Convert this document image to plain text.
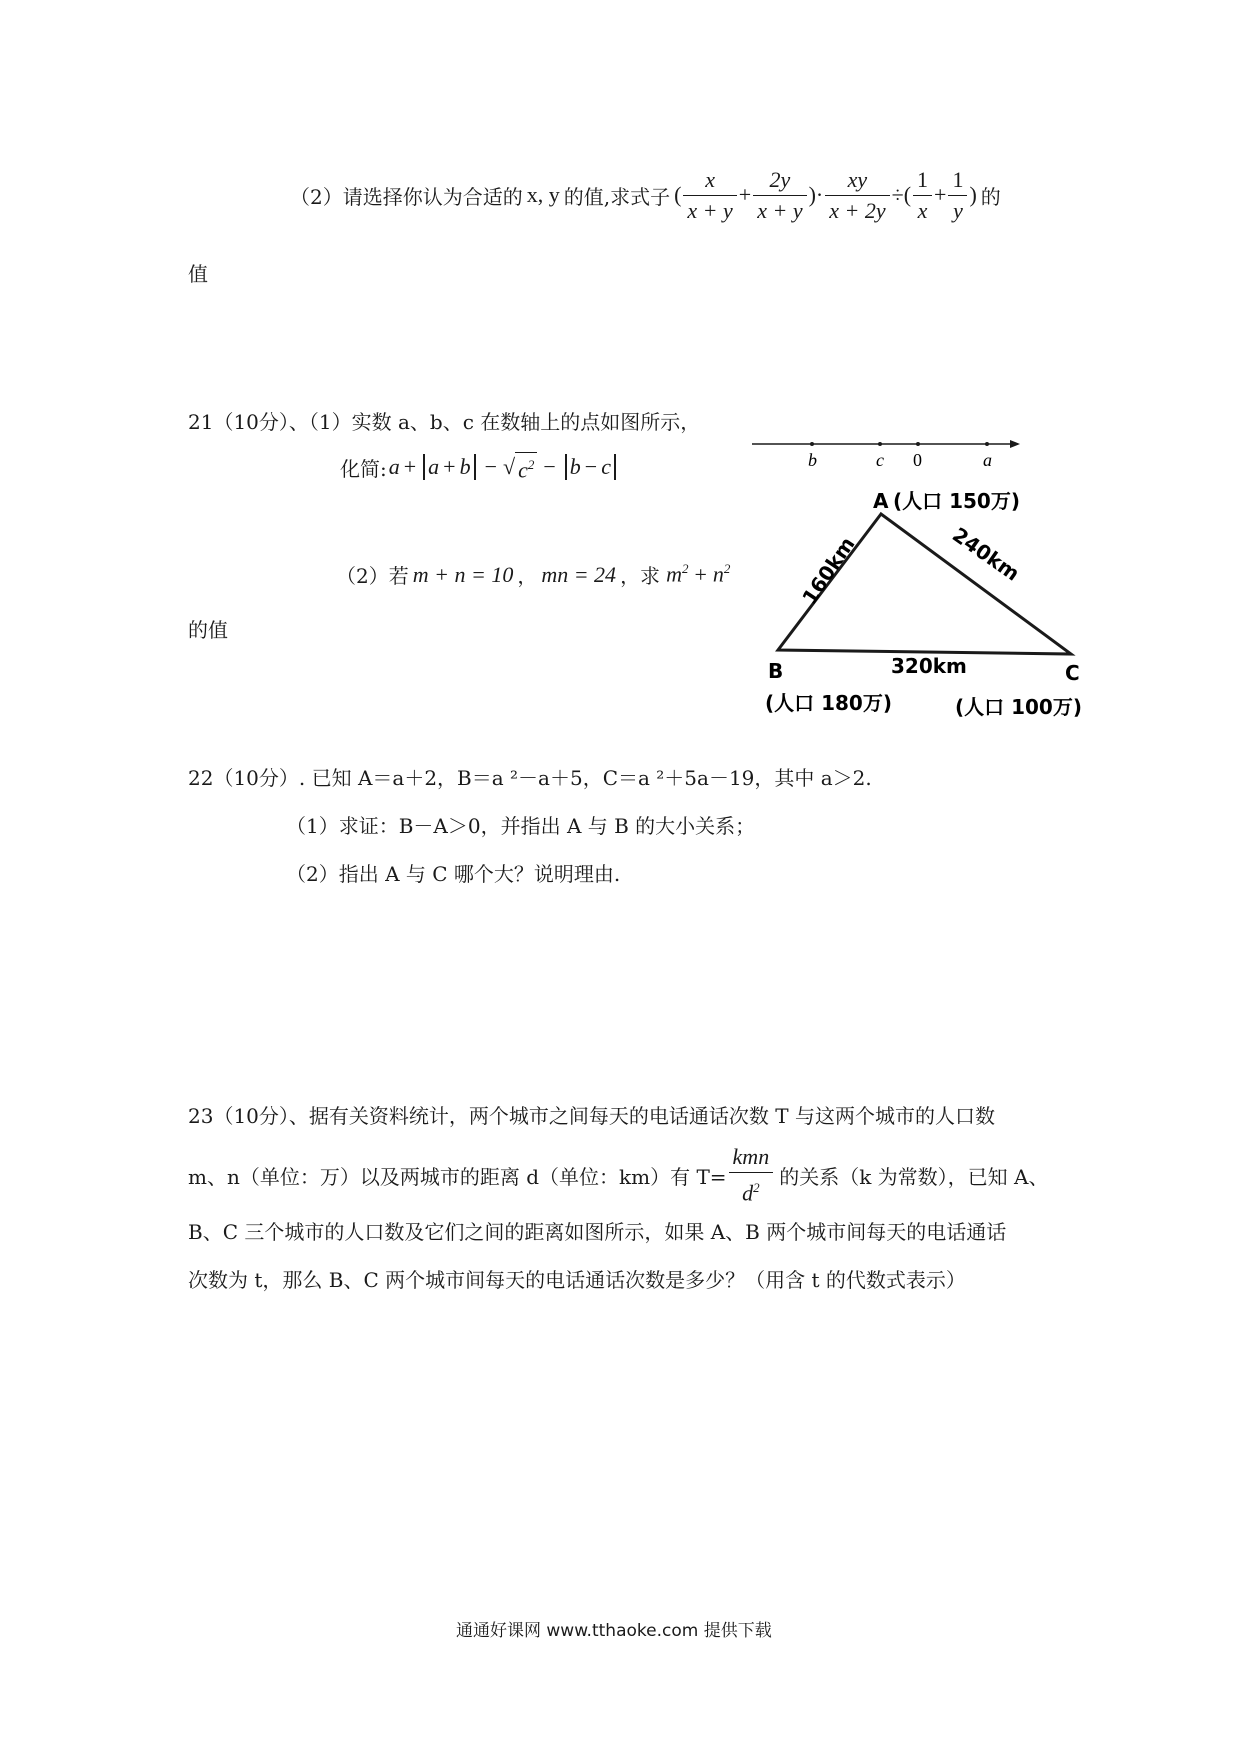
（2）请选择你认为合适的 x, y 的值,求式子 ( $\frac{x}{x + y} + \frac{2y}{x + y}$ )· $\frac{xy}{x + 2y}$ ÷( $\frac{1}{x} + \frac{1}{y}$ ) 的
值
21（10分）、（1）实数 a、b、c 在数轴上的点如图所示，
化简: a + a + b − √ $c^2 - b - c$
（2）若 m + n = 10 ， mn = 24 ，求 $m^2 + n^2$
的值
b	c 0	a
A (人口 150万)
160km	240km
B	320km	C
(人口 180万)	(人口 100万)
22（10分）. 已知 A＝a＋2，B＝a ²－a＋5，C＝a ²＋5a－19，其中 a＞2.
（1）求证：B－A＞0，并指出 A 与 B 的大小关系；
（2）指出 A 与 C 哪个大？说明理由.
23（10分）、据有关资料统计，两个城市之间每天的电话通话次数 T 与这两个城市的人口数
m、n（单位：万）以及两城市的距离 d（单位：km）有 $T= \frac{\text{kmn}}{d^2}$ 的关系（k 为常数），已知 A、
B、C 三个城市的人口数及它们之间的距离如图所示，如果 A、B 两个城市间每天的电话通话
次数为 t，那么 B、C 两个城市间每天的电话通话次数是多少？（用含 t 的代数式表示）
通通好课网 www.tthaoke.com 提供下载
